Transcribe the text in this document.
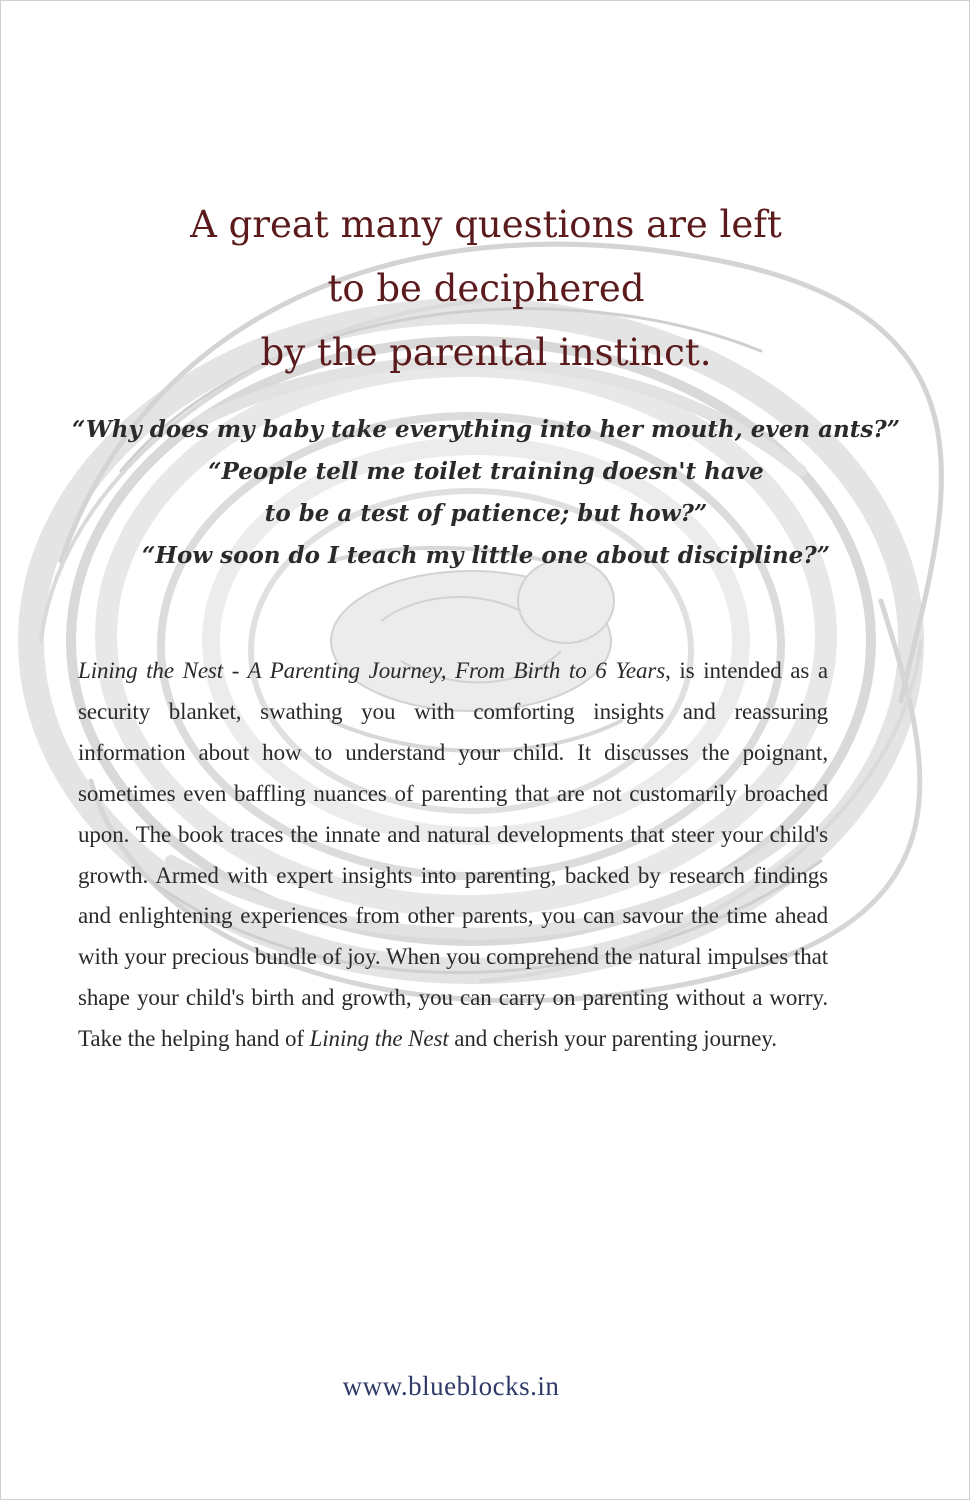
A great many questions are left
to be deciphered
by the parental instinct.
“Why does my baby take everything into her mouth, even ants?”
“People tell me toilet training doesn't have
to be a test of patience; but how?”
“How soon do I teach my little one about discipline?”
Lining the Nest - A Parenting Journey, From Birth to 6 Years, is intended as a security blanket, swathing you with comforting insights and reassuring information about how to understand your child. It discusses the poignant, sometimes even baffling nuances of parenting that are not customarily broached upon. The book traces the innate and natural developments that steer your child's growth. Armed with expert insights into parenting, backed by research findings and enlightening experiences from other parents, you can savour the time ahead with your precious bundle of joy. When you comprehend the natural impulses that shape your child's birth and growth, you can carry on parenting without a worry. Take the helping hand of Lining the Nest and cherish your parenting journey.
www.blueblocks.in
